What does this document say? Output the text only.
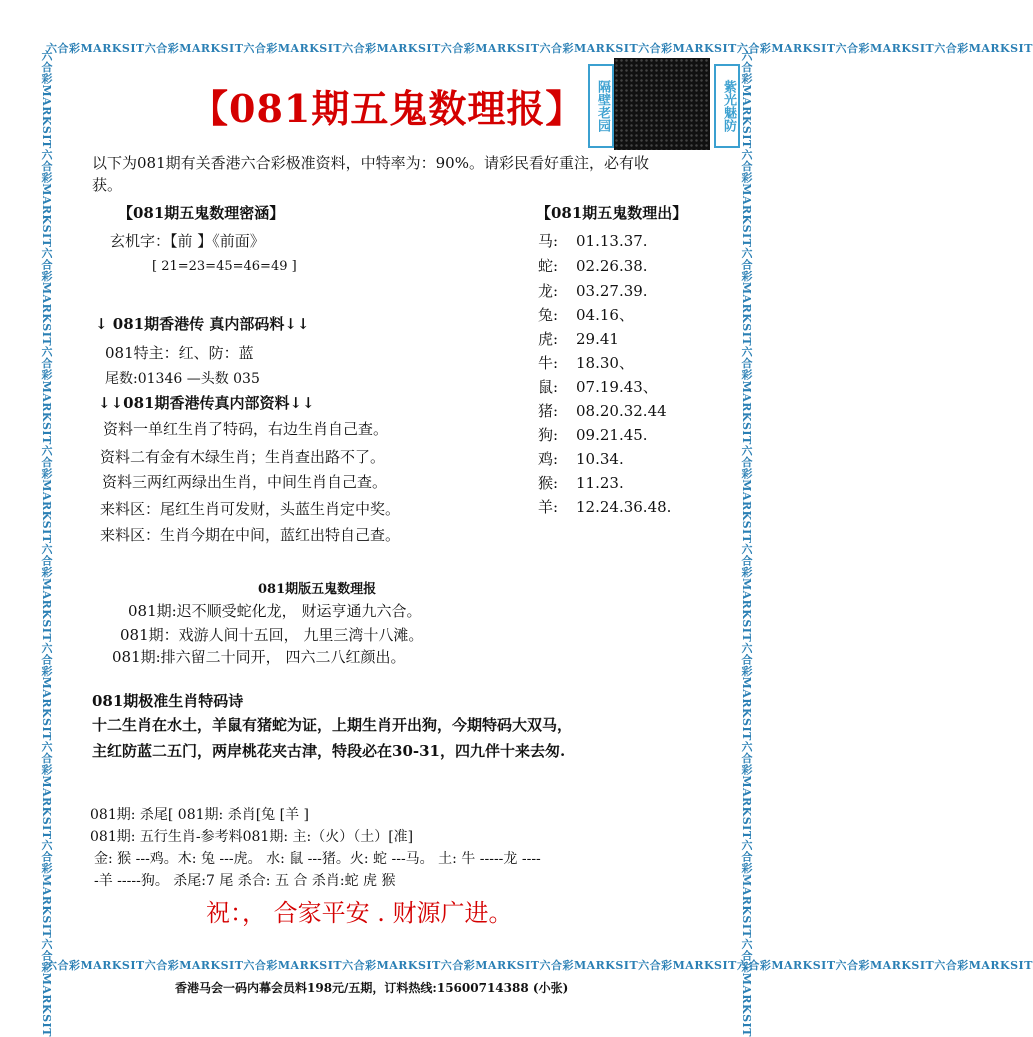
六合彩MARKSIT六合彩MARKSIT六合彩MARKSIT六合彩MARKSIT六合彩MARKSIT六合彩MARKSIT六合彩MARKSIT六合彩MARKSIT六合彩MARKSIT六合彩MARKSIT
六合彩MARKSIT六合彩MARKSIT六合彩MARKSIT六合彩MARKSIT六合彩MARKSIT六合彩MARKSIT六合彩MARKSIT六合彩MARKSIT六合彩MARKSIT六合彩MARKSIT
六合彩MARKSIT六合彩MARKSIT六合彩MARKSIT六合彩MARKSIT六合彩MARKSIT六合彩MARKSIT六合彩MARKSIT六合彩MARKSIT六合彩MARKSIT六合彩MARKSIT	六合彩MARKSIT六合彩MARKSIT六合彩MARKSIT六合彩MARKSIT六合彩MARKSIT六合彩MARKSIT六合彩MARKSIT六合彩MARKSIT六合彩MARKSIT六合彩MARKSIT
【081期五鬼数理报】 隔壁老园	紫光魅防
以下为081期有关香港六合彩极准资料，中特率为：90%。请彩民看好重注，必有收
获。
【081期五鬼数理密涵】
玄机字：【前 】《前面》
[ 21=23=45=46=49 ]
↓ 081期香港传 真内部码料↓↓
081特主：红、防：蓝
尾数:01346 —头数 035
↓↓081期香港传真内部资料↓↓
资料一单红生肖了特码，右边生肖自己查。
资料二有金有木绿生肖；生肖查出路不了。
资料三两红两绿出生肖，中间生肖自己查。
来料区：尾红生肖可发财，头蓝生肖定中奖。
来料区：生肖今期在中间，蓝红出特自己查。
【081期五鬼数理出】
马: 01.13.37.
蛇: 02.26.38.
龙: 03.27.39.
兔: 04.16、
虎: 29.41
牛: 18.30、
鼠: 07.19.43、
猪: 08.20.32.44
狗: 09.21.45.
鸡: 10.34.
猴: 11.23.
羊: 12.24.36.48.
081期版五鬼数理报
081期:迟不顺受蛇化龙， 财运亨通九六合。
081期：戏游人间十五回， 九里三湾十八滩。
081期:排六留二十同开， 四六二八红颜出。
081期极准生肖特码诗
十二生肖在水土，羊鼠有猪蛇为证，上期生肖开出狗，今期特码大双马，
主红防蓝二五门，两岸桃花夹古津，特段必在30-31，四九伴十来去匆.
081期: 杀尾[ 081期: 杀肖[兔 [羊 ]
081期: 五行生肖-参考料081期: 主:（火）（土）[准]
金: 猴 ---鸡。木: 兔 ---虎。 水: 鼠 ---猪。火: 蛇 ---马。 土: 牛 -----龙 ----
-羊 -----狗。 杀尾:7 尾 杀合: 五 合 杀肖:蛇 虎 猴
祝：， 合家平安 . 财源广进。
香港马会一码内幕会员料198元/五期，订料热线:15600714388 (小张)
